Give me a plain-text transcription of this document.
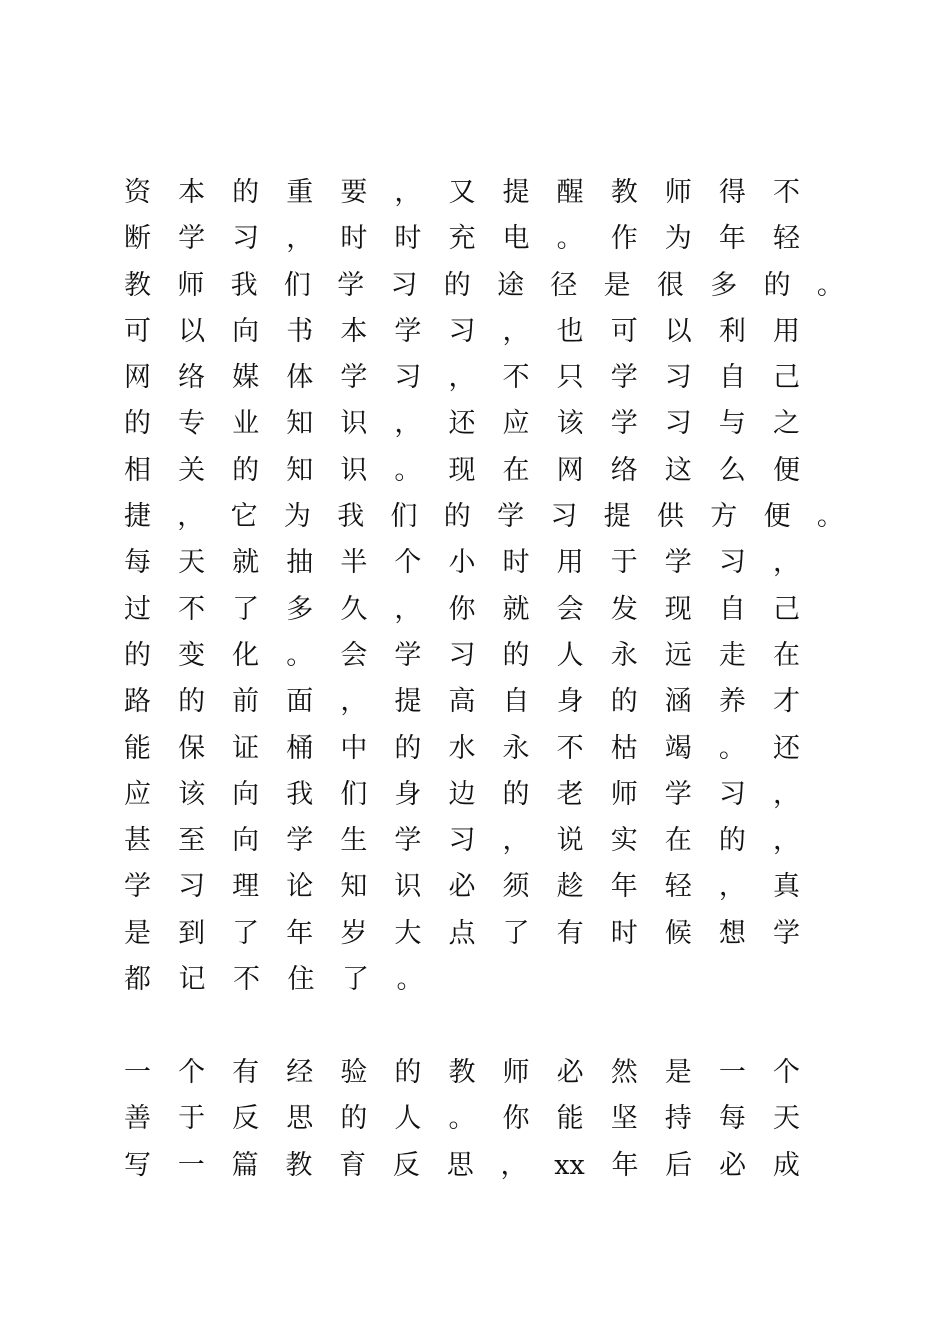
资 本 的 重 要 ， 又 提 醒 教 师 得 不
断 学 习 ， 时 时 充 电 。 作 为 年 轻
教 师 我 们 学 习 的 途 径 是 很 多 的 。
可 以 向 书 本 学 习 ， 也 可 以 利 用
网 络 媒 体 学 习 ， 不 只 学 习 自 己
的 专 业 知 识 ， 还 应 该 学 习 与 之
相 关 的 知 识 。 现 在 网 络 这 么 便
捷 ， 它 为 我 们 的 学 习 提 供 方 便 。
每 天 就 抽 半 个 小 时 用 于 学 习 ，
过 不 了 多 久 ， 你 就 会 发 现 自 己
的 变 化 。 会 学 习 的 人 永 远 走 在
路 的 前 面 ， 提 高 自 身 的 涵 养 才
能 保 证 桶 中 的 水 永 不 枯 竭 。 还
应 该 向 我 们 身 边 的 老 师 学 习 ，
甚 至 向 学 生 学 习 ， 说 实 在 的 ，
学 习 理 论 知 识 必 须 趁 年 轻 ， 真
是 到 了 年 岁 大 点 了 有 时 候 想 学
都	记	不	住	了	。
一 个 有 经 验 的 教 师 必 然 是 一 个
善 于 反 思 的 人 。 你 能 坚 持 每 天
写 一 篇 教 育 反 思 ， xx 年 后 必 成
